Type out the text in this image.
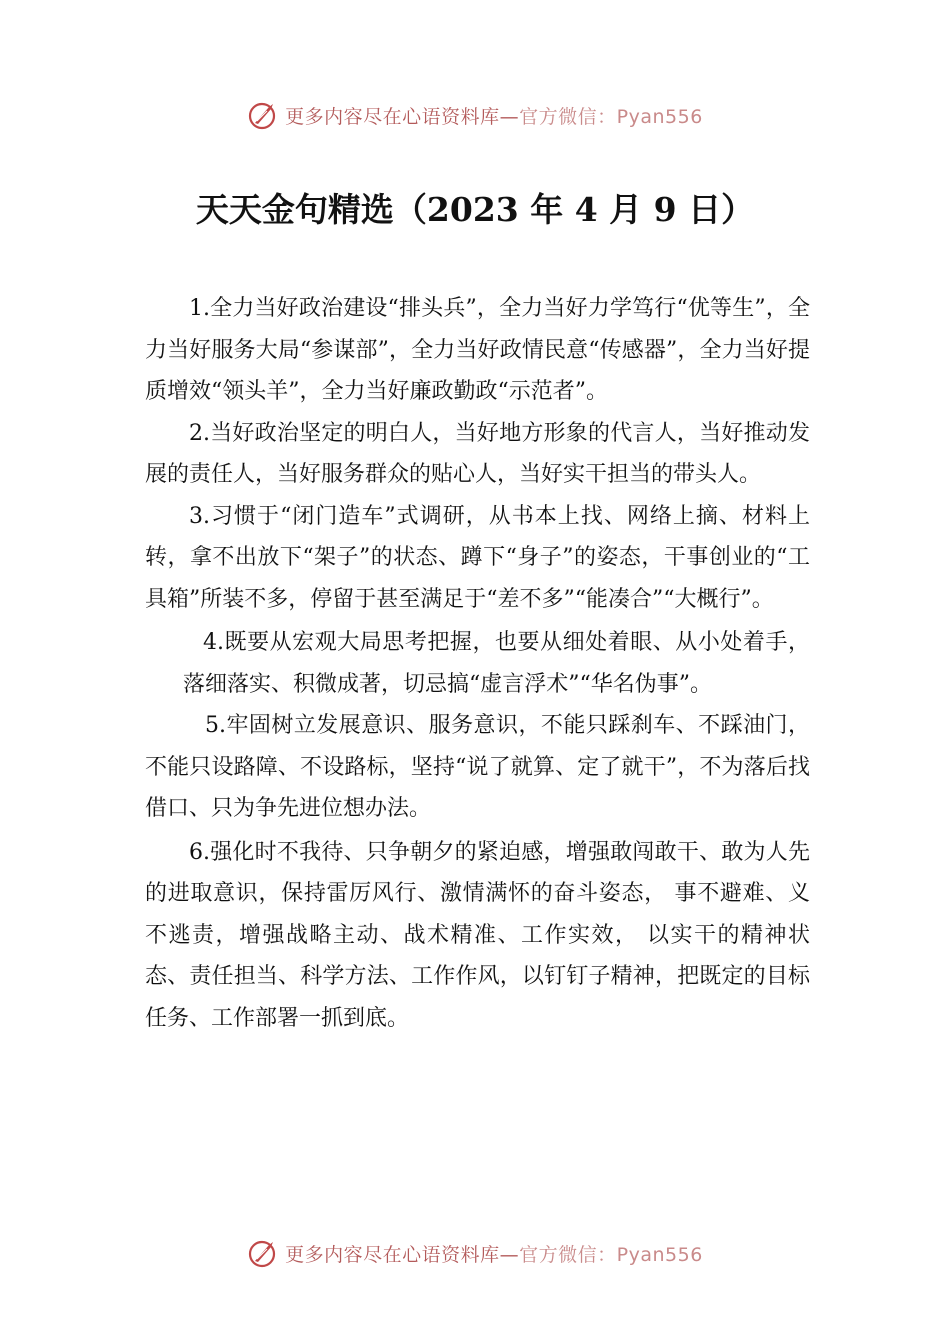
更多内容尽在心语资料库—官方微信：Pyan556
天天金句精选（2023 年 4 月 9 日）

1.全力当好政治建设“排头兵”，全力当好力学笃行“优等生”，全力当好服务大局“参谋部”，全力当好政情民意“传感器”，全力当好提质增效“领头羊”，全力当好廉政勤政“示范者”。

2.当好政治坚定的明白人，当好地方形象的代言人，当好推动发展的责任人，当好服务群众的贴心人，当好实干担当的带头人。

3.习惯于“闭门造车”式调研，从书本上找、网络上摘、材料上转，拿不出放下“架子”的状态、蹲下“身子”的姿态，干事创业的“工具箱”所装不多，停留于甚至满足于“差不多”“能凑合”“大概行”。

4.既要从宏观大局思考把握，也要从细处着眼、从小处着手，落细落实、积微成著，切忌搞“虚言浮术”“华名伪事”。

5.牢固树立发展意识、服务意识，不能只踩刹车、不踩油门，不能只设路障、不设路标，坚持“说了就算、定了就干”，不为落后找借口、只为争先进位想办法。

6.强化时不我待、只争朝夕的紧迫感，增强敢闯敢干、敢为人先的进取意识，保持雷厉风行、激情满怀的奋斗姿态， 事不避难、义不逃责，增强战略主动、战术精准、工作实效， 以实干的精神状态、责任担当、科学方法、工作作风，以钉钉子精神，把既定的目标任务、工作部署一抓到底。

更多内容尽在心语资料库—官方微信：Pyan556
